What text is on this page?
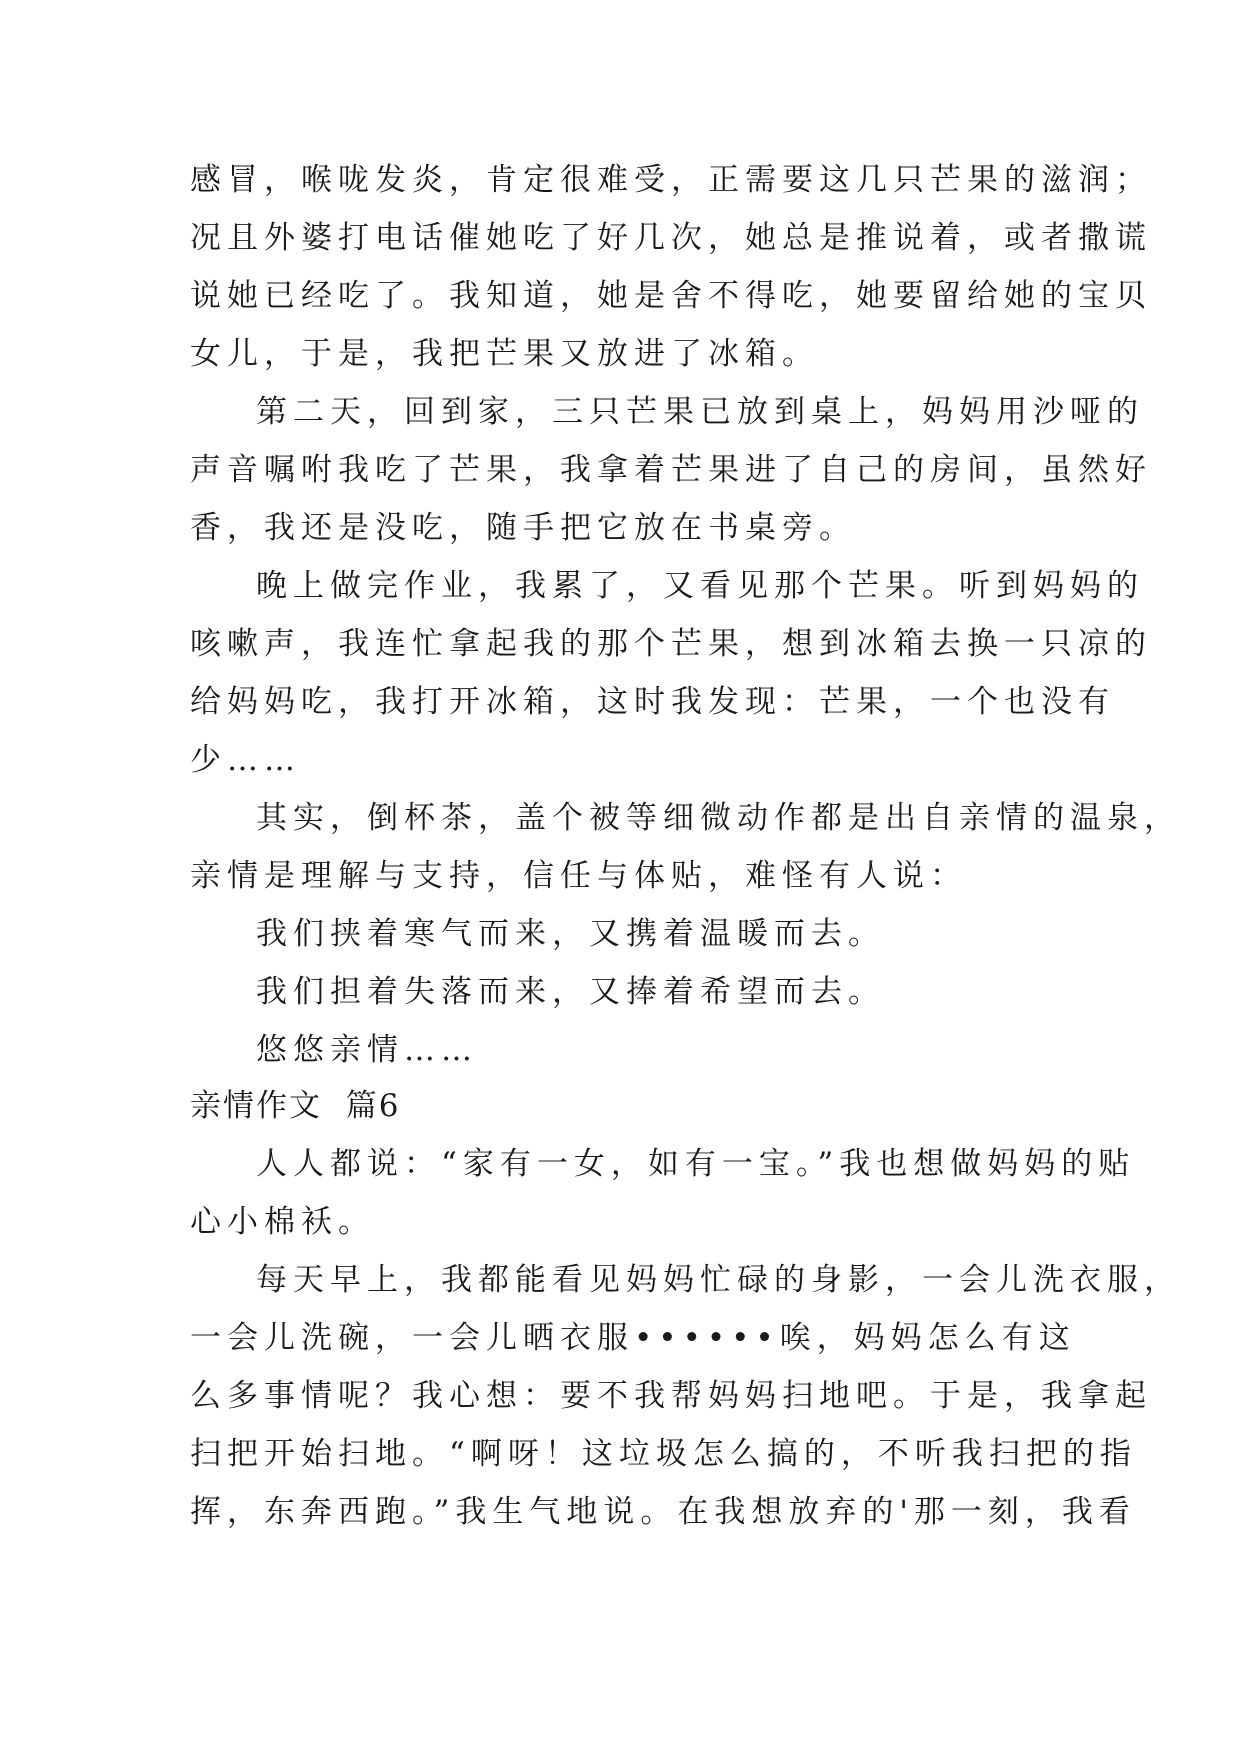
感冒，喉咙发炎，肯定很难受，正需要这几只芒果的滋润；
况且外婆打电话催她吃了好几次，她总是推说着，或者撒谎
说她已经吃了。我知道，她是舍不得吃，她要留给她的宝贝
女儿，于是，我把芒果又放进了冰箱。
第二天，回到家，三只芒果已放到桌上，妈妈用沙哑的
声音嘱咐我吃了芒果，我拿着芒果进了自己的房间，虽然好
香，我还是没吃，随手把它放在书桌旁。
晚上做完作业，我累了，又看见那个芒果。听到妈妈的
咳嗽声，我连忙拿起我的那个芒果，想到冰箱去换一只凉的
给妈妈吃，我打开冰箱，这时我发现：芒果，一个也没有
少……
其实，倒杯茶，盖个被等细微动作都是出自亲情的温泉，
亲情是理解与支持，信任与体贴，难怪有人说：
我们挟着寒气而来，又携着温暖而去。
我们担着失落而来，又捧着希望而去。
悠悠亲情……
亲情作文  篇6
人人都说：“家有一女，如有一宝。”我也想做妈妈的贴
心小棉袄。
每天早上，我都能看见妈妈忙碌的身影，一会儿洗衣服，
一会儿洗碗，一会儿晒衣服••••••唉，妈妈怎么有这
么多事情呢？我心想：要不我帮妈妈扫地吧。于是，我拿起
扫把开始扫地。“啊呀！这垃圾怎么搞的，不听我扫把的指
挥，东奔西跑。”我生气地说。在我想放弃的'那一刻，我看
